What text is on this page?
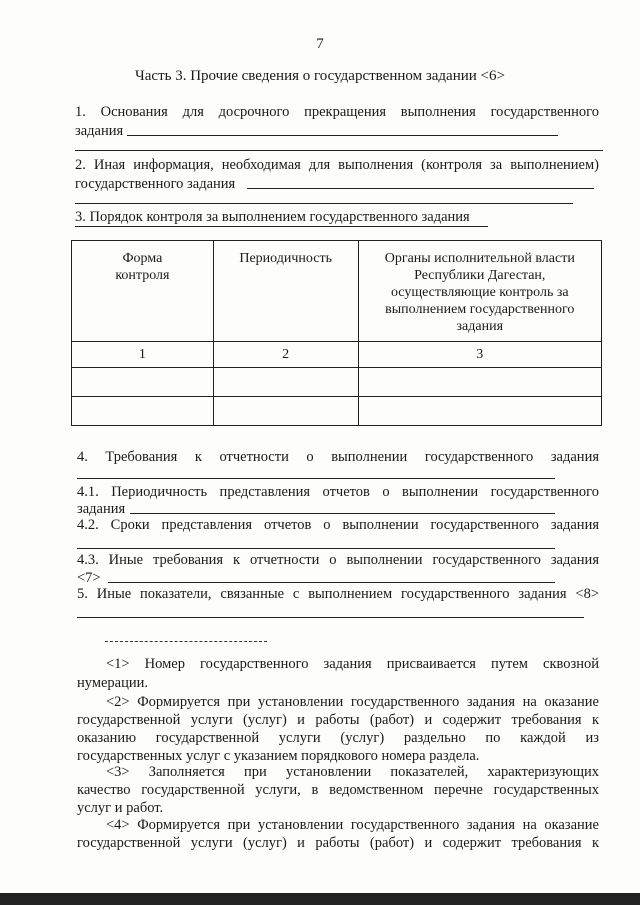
7
Часть 3. Прочие сведения о государственном задании <6>
1. Основания для досрочного прекращения выполнения государственного
задания
2. Иная информация, необходимая для выполнения (контроля за выполнением)
государственного задания
3. Порядок контроля за выполнением государственного задания
Форма контроля	Периодичность	Органы исполнительной власти Республики Дагестан, осуществляющие контроль за выполнением государственного задания
1	2	3

4. Требования к отчетности о выполнении государственного задания
4.1. Периодичность представления отчетов о выполнении государственного
задания
4.2. Сроки представления отчетов о выполнении государственного задания
4.3. Иные требования к отчетности о выполнении государственного задания
<7>
5. Иные показатели, связанные с выполнением государственного задания <8>
<1> Номер государственного задания присваивается путем сквозной
нумерации.
<2> Формируется при установлении государственного задания на оказание
государственной услуги (услуг) и работы (работ) и содержит требования к
оказанию государственной услуги (услуг) раздельно по каждой из
государственных услуг с указанием порядкового номера раздела.
<3> Заполняется при установлении показателей, характеризующих
качество государственной услуги, в ведомственном перечне государственных
услуг и работ.
<4> Формируется при установлении государственного задания на оказание
государственной услуги (услуг) и работы (работ) и содержит требования к
